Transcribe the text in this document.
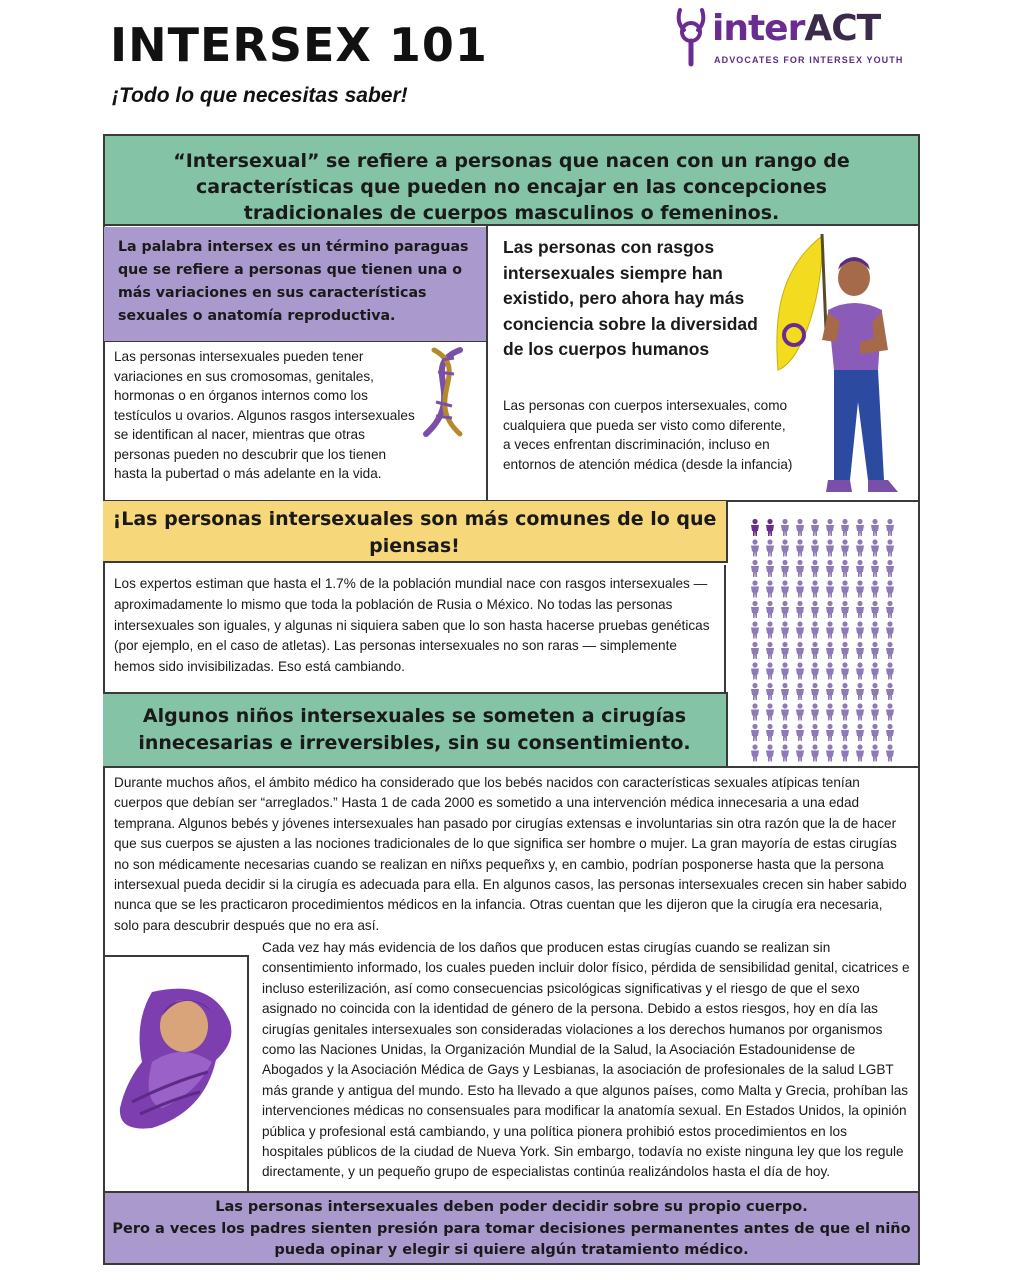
INTERSEX 101
¡Todo lo que necesitas saber!
interACT
ADVOCATES FOR INTERSEX YOUTH
“Intersexual” se refiere a personas que nacen con un rango de características que pueden no encajar en las concepciones tradicionales de cuerpos masculinos o femeninos.
La palabra intersex es un término paraguas que se refiere a personas que tienen una o más variaciones en sus características sexuales o anatomía reproductiva.
Las personas intersexuales pueden tener variaciones en sus cromosomas, genitales, hormonas o en órganos internos como los testículos u ovarios. Algunos rasgos intersexuales se identifican al nacer, mientras que otras personas pueden no descubrir que los tienen hasta la pubertad o más adelante en la vida.
Las personas con rasgos intersexuales siempre han existido, pero ahora hay más conciencia sobre la diversidad de los cuerpos humanos
Las personas con cuerpos intersexuales, como cualquiera que pueda ser visto como diferente, a veces enfrentan discriminación, incluso en entornos de atención médica (desde la infancia)
¡Las personas intersexuales son más comunes de lo que piensas!
Los expertos estiman que hasta el 1.7% de la población mundial nace con rasgos intersexuales — aproximadamente lo mismo que toda la población de Rusia o México. No todas las personas intersexuales son iguales, y algunas ni siquiera saben que lo son hasta hacerse pruebas genéticas (por ejemplo, en el caso de atletas). Las personas intersexuales no son raras — simplemente hemos sido invisibilizadas. Eso está cambiando.
Algunos niños intersexuales se someten a cirugías innecesarias e irreversibles, sin su consentimiento.
Durante muchos años, el ámbito médico ha considerado que los bebés nacidos con características sexuales atípicas tenían cuerpos que debían ser “arreglados.” Hasta 1 de cada 2000 es sometido a una intervención médica innecesaria a una edad temprana. Algunos bebés y jóvenes intersexuales han pasado por cirugías extensas e involuntarias sin otra razón que la de hacer que sus cuerpos se ajusten a las nociones tradicionales de lo que significa ser hombre o mujer. La gran mayoría de estas cirugías no son médicamente necesarias cuando se realizan en niñxs pequeñxs y, en cambio, podrían posponerse hasta que la persona intersexual pueda decidir si la cirugía es adecuada para ella. En algunos casos, las personas intersexuales crecen sin haber sabido nunca que se les practicaron procedimientos médicos en la infancia. Otras cuentan que les dijeron que la cirugía era necesaria, solo para descubrir después que no era así.
Cada vez hay más evidencia de los daños que producen estas cirugías cuando se realizan sin consentimiento informado, los cuales pueden incluir dolor físico, pérdida de sensibilidad genital, cicatrices e incluso esterilización, así como consecuencias psicológicas significativas y el riesgo de que el sexo asignado no coincida con la identidad de género de la persona. Debido a estos riesgos, hoy en día las cirugías genitales intersexuales son consideradas violaciones a los derechos humanos por organismos como las Naciones Unidas, la Organización Mundial de la Salud, la Asociación Estadounidense de Abogados y la Asociación Médica de Gays y Lesbianas, la asociación de profesionales de la salud LGBT más grande y antigua del mundo. Esto ha llevado a que algunos países, como Malta y Grecia, prohíban las intervenciones médicas no consensuales para modificar la anatomía sexual. En Estados Unidos, la opinión pública y profesional está cambiando, y una política pionera prohibió estos procedimientos en los hospitales públicos de la ciudad de Nueva York. Sin embargo, todavía no existe ninguna ley que los regule directamente, y un pequeño grupo de especialistas continúa realizándolos hasta el día de hoy.
Las personas intersexuales deben poder decidir sobre su propio cuerpo.
Pero a veces los padres sienten presión para tomar decisiones permanentes antes de que el niño pueda opinar y elegir si quiere algún tratamiento médico.
